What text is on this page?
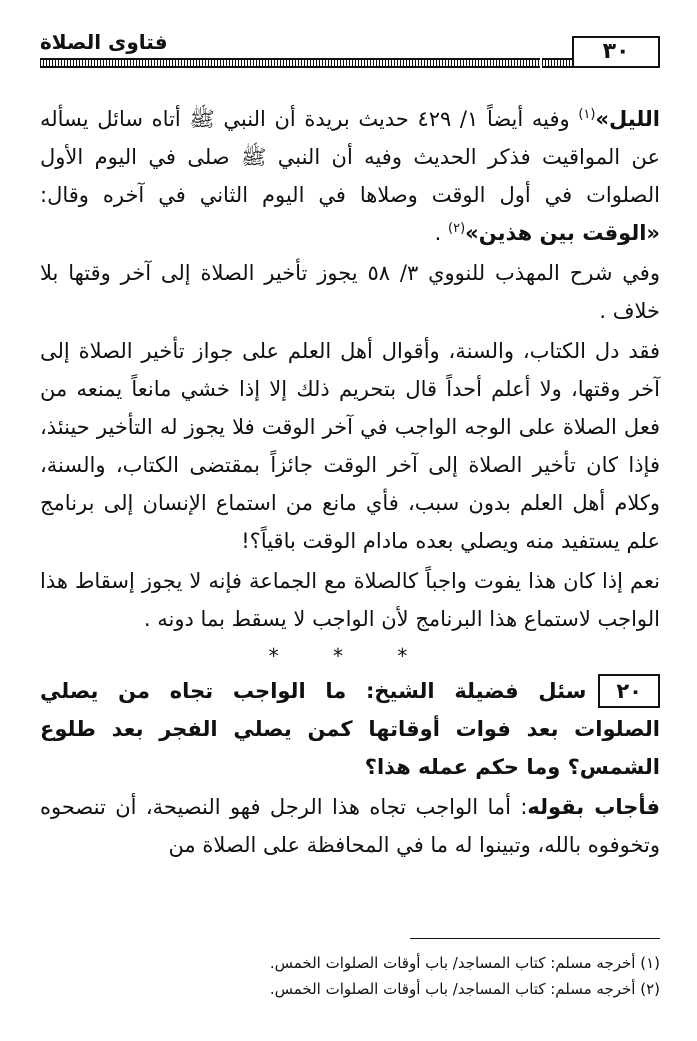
٣٠
فتاوى الصلاة

الليل»$^{(١)}$ وفيه أيضاً ١/ ٤٢٩ حديث بريدة أن النبي ﷺ أتاه سائل يسأله عن المواقيت فذكر الحديث وفيه أن النبي ﷺ صلى في اليوم الأول الصلوات في أول الوقت وصلاها في اليوم الثاني في آخره وقال: «الوقت بين هذين»$^{(٢)}$ .

وفي شرح المهذب للنووي ٣/ ٥٨ يجوز تأخير الصلاة إلى آخر وقتها بلا خلاف .

فقد دل الكتاب، والسنة، وأقوال أهل العلم على جواز تأخير الصلاة إلى آخر وقتها، ولا أعلم أحداً قال بتحريم ذلك إلا إذا خشي مانعاً يمنعه من فعل الصلاة على الوجه الواجب في آخر الوقت فلا يجوز له التأخير حينئذ، فإذا كان تأخير الصلاة إلى آخر الوقت جائزاً بمقتضى الكتاب، والسنة، وكلام أهل العلم بدون سبب، فأي مانع من استماع الإنسان إلى برنامج علم يستفيد منه ويصلي بعده مادام الوقت باقياً؟!

نعم إذا كان هذا يفوت واجباً كالصلاة مع الجماعة فإنه لا يجوز إسقاط هذا الواجب لاستماع هذا البرنامج لأن الواجب لا يسقط بما دونه .

* * *

٢٠سئل فضيلة الشيخ: ما الواجب تجاه من يصلي الصلوات بعد فوات أوقاتها كمن يصلي الفجر بعد طلوع الشمس؟ وما حكم عمله هذا؟

فأجاب بقوله: أما الواجب تجاه هذا الرجل فهو النصيحة، أن تنصحوه وتخوفوه بالله، وتبينوا له ما في المحافظة على الصلاة من

(١) أخرجه مسلم: كتاب المساجد/ باب أوقات الصلوات الخمس.

(٢) أخرجه مسلم: كتاب المساجد/ باب أوقات الصلوات الخمس.
